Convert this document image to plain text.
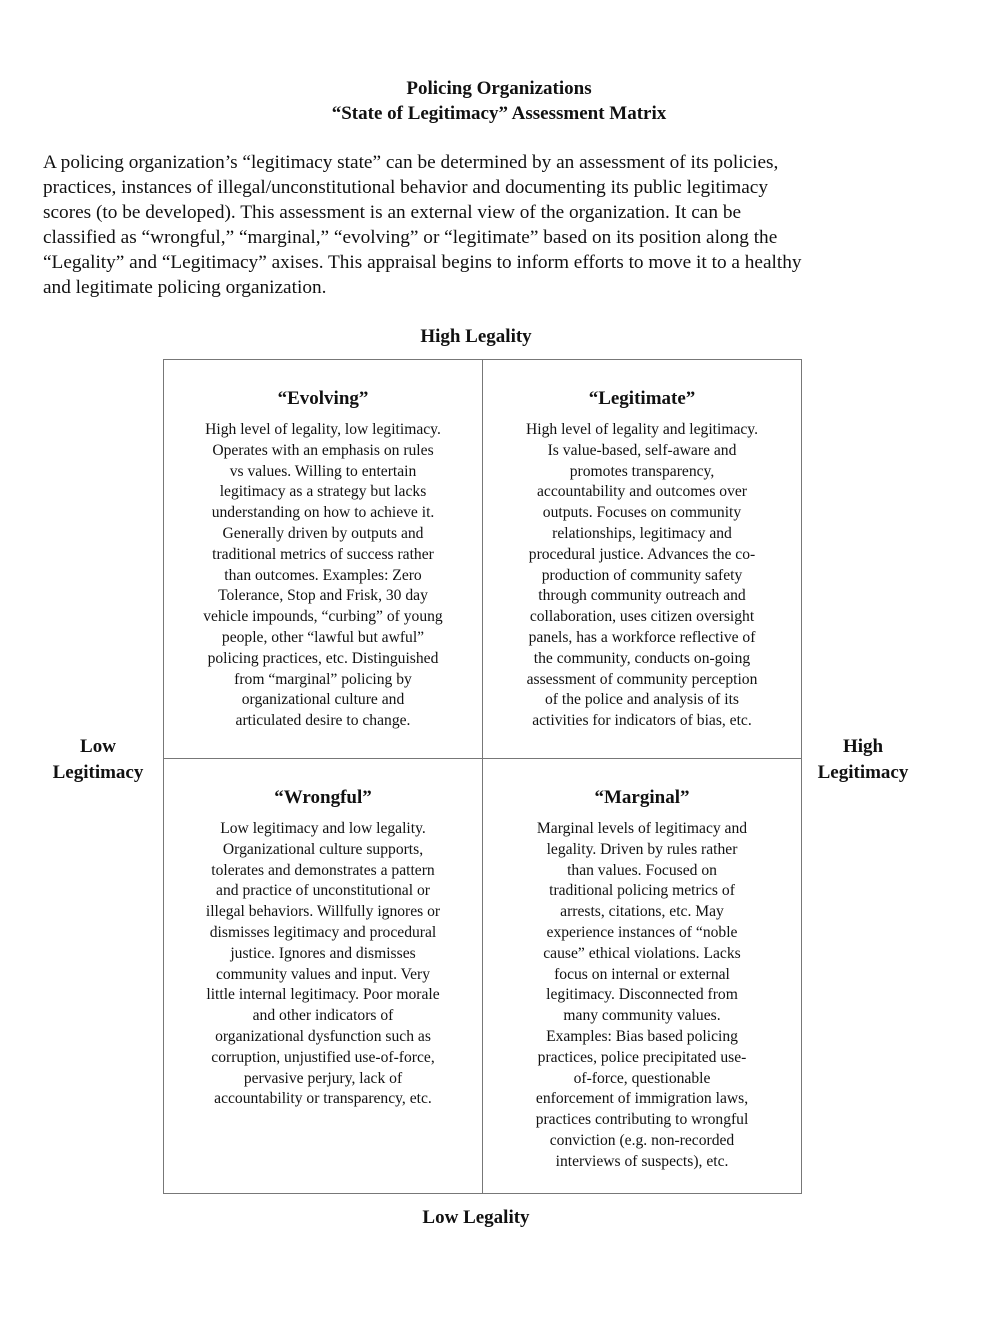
Policing Organizations
“State of Legitimacy” Assessment Matrix
A policing organization’s “legitimacy state” can be determined by an assessment of its policies,
practices, instances of illegal/unconstitutional behavior and documenting its public legitimacy
scores (to be developed). This assessment is an external view of the organization. It can be
classified as “wrongful,” “marginal,” “evolving” or “legitimate” based on its position along the
“Legality” and “Legitimacy” axises. This appraisal begins to inform efforts to move it to a healthy
and legitimate policing organization.
High Legality
Low Legality
Low
Legitimacy
High
Legitimacy
“Evolving”
High level of legality, low legitimacy.
Operates with an emphasis on rules
vs values. Willing to entertain
legitimacy as a strategy but lacks
understanding on how to achieve it.
Generally driven by outputs and
traditional metrics of success rather
than outcomes. Examples: Zero
Tolerance, Stop and Frisk, 30 day
vehicle impounds, “curbing” of young
people, other “lawful but awful”
policing practices, etc. Distinguished
from “marginal” policing by
organizational culture and
articulated desire to change.
“Legitimate”
High level of legality and legitimacy.
Is value-based, self-aware and
promotes transparency,
accountability and outcomes over
outputs. Focuses on community
relationships, legitimacy and
procedural justice. Advances the co-
production of community safety
through community outreach and
collaboration, uses citizen oversight
panels, has a workforce reflective of
the community, conducts on-going
assessment of community perception
of the police and analysis of its
activities for indicators of bias, etc.
“Wrongful”
Low legitimacy and low legality.
Organizational culture supports,
tolerates and demonstrates a pattern
and practice of unconstitutional or
illegal behaviors. Willfully ignores or
dismisses legitimacy and procedural
justice. Ignores and dismisses
community values and input. Very
little internal legitimacy. Poor morale
and other indicators of
organizational dysfunction such as
corruption, unjustified use-of-force,
pervasive perjury, lack of
accountability or transparency, etc.
“Marginal”
Marginal levels of legitimacy and
legality. Driven by rules rather
than values. Focused on
traditional policing metrics of
arrests, citations, etc. May
experience instances of “noble
cause” ethical violations. Lacks
focus on internal or external
legitimacy. Disconnected from
many community values.
Examples: Bias based policing
practices, police precipitated use-
of-force, questionable
enforcement of immigration laws,
practices contributing to wrongful
conviction (e.g. non-recorded
interviews of suspects), etc.
